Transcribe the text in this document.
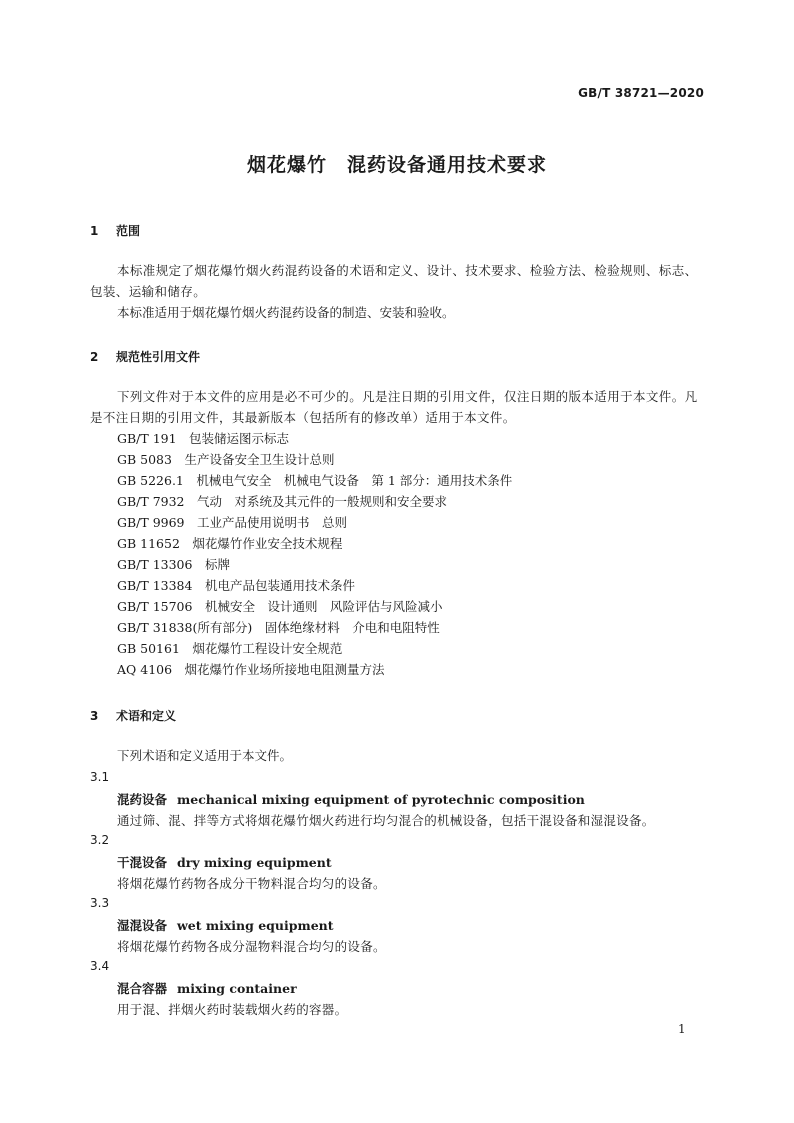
GB/T 38721—2020
烟花爆竹　混药设备通用技术要求
1 范围
本标准规定了烟花爆竹烟火药混药设备的术语和定义、设计、技术要求、检验方法、检验规则、标志、包装、运输和储存。
本标准适用于烟花爆竹烟火药混药设备的制造、安装和验收。
2 规范性引用文件
下列文件对于本文件的应用是必不可少的。凡是注日期的引用文件，仅注日期的版本适用于本文件。凡是不注日期的引用文件，其最新版本（包括所有的修改单）适用于本文件。
GB/T 191　包装储运图示标志
GB 5083　生产设备安全卫生设计总则
GB 5226.1　机械电气安全　机械电气设备　第 1 部分：通用技术条件
GB/T 7932　气动　对系统及其元件的一般规则和安全要求
GB/T 9969　工业产品使用说明书　总则
GB 11652　烟花爆竹作业安全技术规程
GB/T 13306　标牌
GB/T 13384　机电产品包装通用技术条件
GB/T 15706　机械安全　设计通则　风险评估与风险减小
GB/T 31838(所有部分)　固体绝缘材料　介电和电阻特性
GB 50161　烟花爆竹工程设计安全规范
AQ 4106　烟花爆竹作业场所接地电阻测量方法
3 术语和定义
下列术语和定义适用于本文件。
3.1
混药设备 mechanical mixing equipment of pyrotechnic composition
通过筛、混、拌等方式将烟花爆竹烟火药进行均匀混合的机械设备，包括干混设备和湿混设备。
3.2
干混设备 dry mixing equipment
将烟花爆竹药物各成分干物料混合均匀的设备。
3.3
湿混设备 wet mixing equipment
将烟花爆竹药物各成分湿物料混合均匀的设备。
3.4
混合容器 mixing container
用于混、拌烟火药时装载烟火药的容器。
1
